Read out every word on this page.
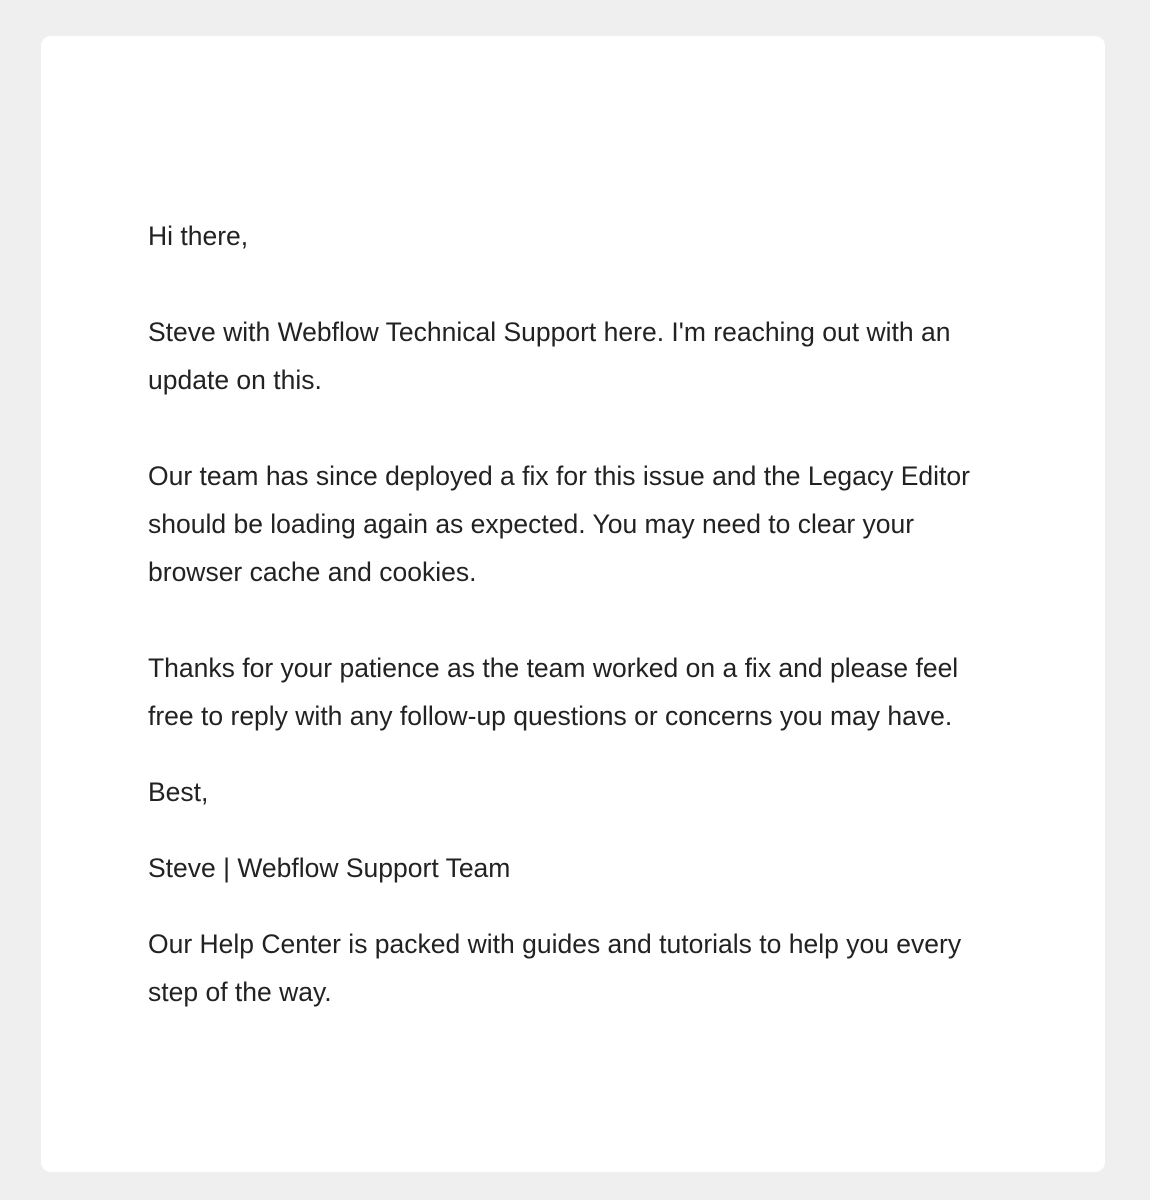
Hi there,

Steve with Webflow Technical Support here. I'm reaching out with an update on this.

Our team has since deployed a fix for this issue and the Legacy Editor should be loading again as expected. You may need to clear your browser cache and cookies.

Thanks for your patience as the team worked on a fix and please feel free to reply with any follow-up questions or concerns you may have.

Best,

Steve | Webflow Support Team

Our Help Center is packed with guides and tutorials to help you every step of the way.
